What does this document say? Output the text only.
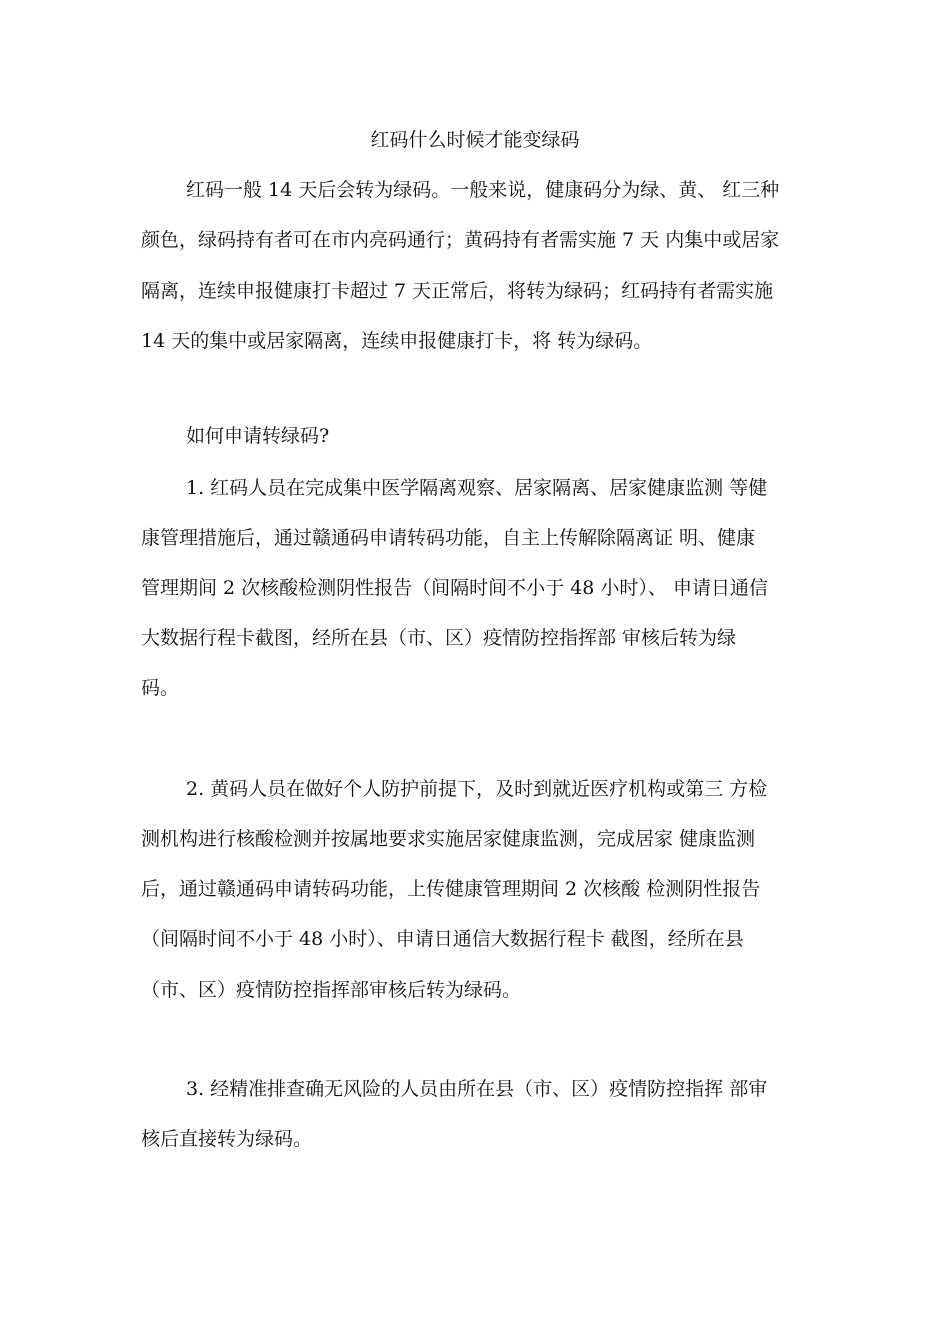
红码什么时候才能变绿码
红码一般 14 天后会转为绿码。一般来说，健康码分为绿、黄、 红三种
颜色，绿码持有者可在市内亮码通行；黄码持有者需实施 7 天 内集中或居家
隔离，连续申报健康打卡超过 7 天正常后，将转为绿码；红码持有者需实施
14 天的集中或居家隔离，连续申报健康打卡，将 转为绿码。
如何申请转绿码?
1. 红码人员在完成集中医学隔离观察、居家隔离、居家健康监测 等健
康管理措施后，通过赣通码申请转码功能，自主上传解除隔离证 明、健康
管理期间 2 次核酸检测阴性报告（间隔时间不小于 48 小时）、 申请日通信
大数据行程卡截图，经所在县（市、区）疫情防控指挥部 审核后转为绿
码。
2. 黄码人员在做好个人防护前提下，及时到就近医疗机构或第三 方检
测机构进行核酸检测并按属地要求实施居家健康监测，完成居家 健康监测
后，通过赣通码申请转码功能，上传健康管理期间 2 次核酸 检测阴性报告
（间隔时间不小于 48 小时）、申请日通信大数据行程卡 截图，经所在县
（市、区）疫情防控指挥部审核后转为绿码。
3. 经精准排查确无风险的人员由所在县（市、区）疫情防控指挥 部审
核后直接转为绿码。
